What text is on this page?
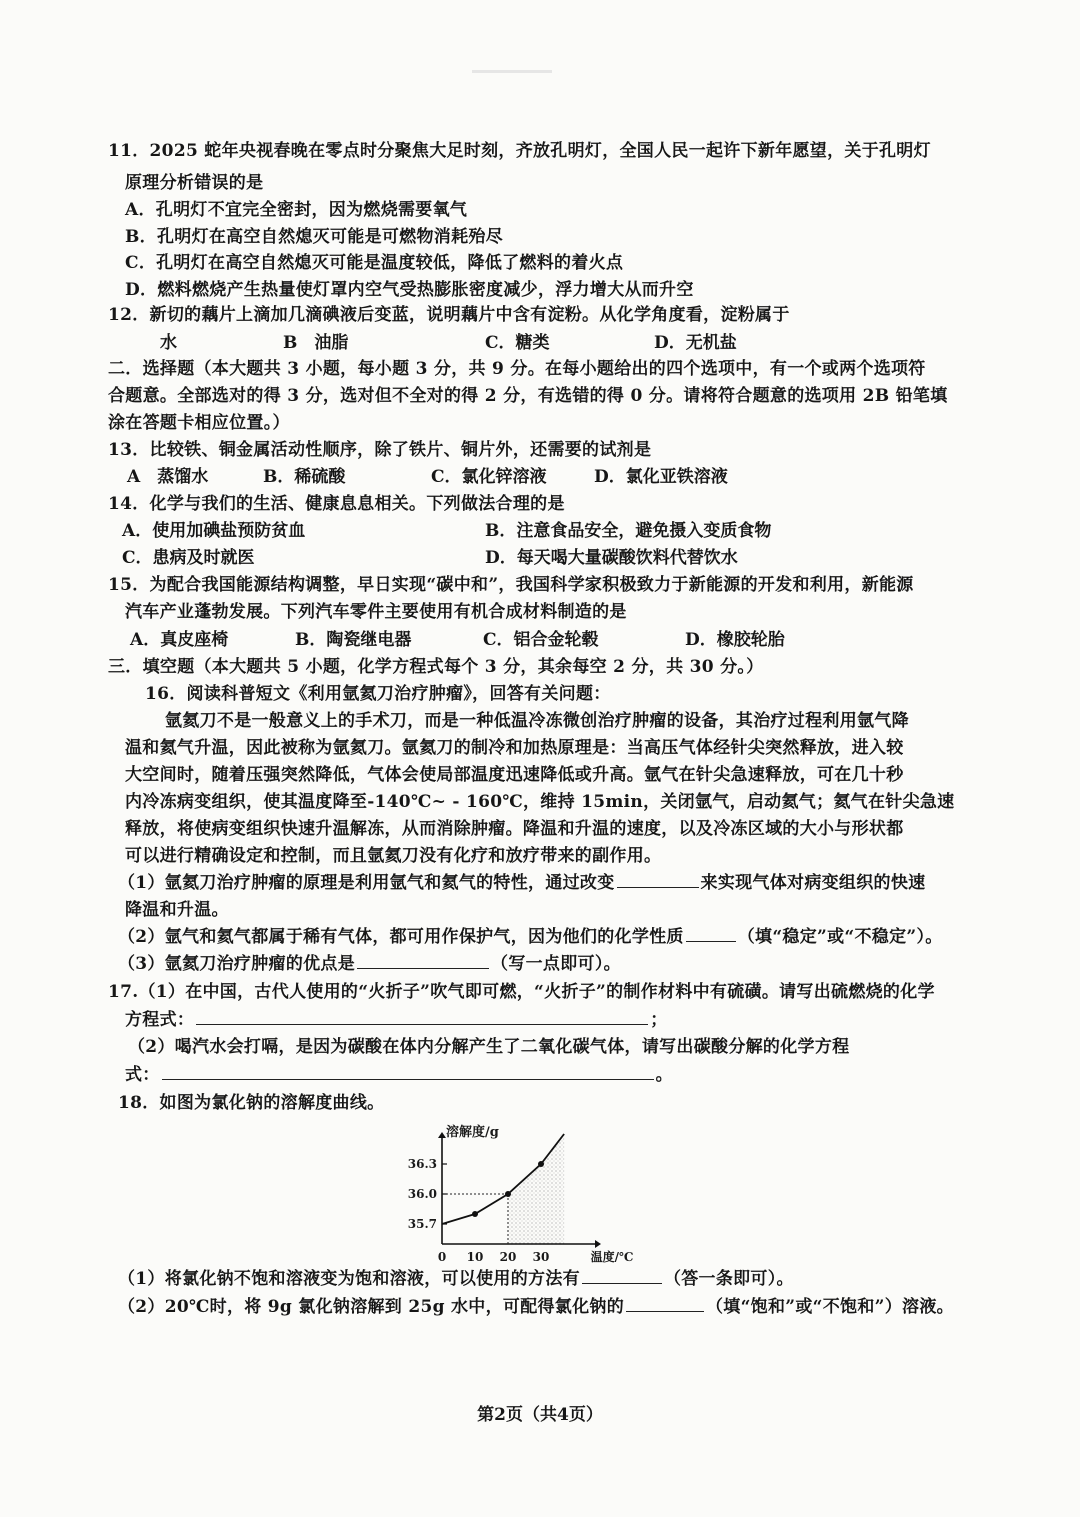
11．2025 蛇年央视春晚在零点时分聚焦大足时刻，齐放孔明灯，全国人民一起许下新年愿望，关于孔明灯
原理分析错误的是
A．孔明灯不宜完全密封，因为燃烧需要氧气
B．孔明灯在高空自然熄灭可能是可燃物消耗殆尽
C．孔明灯在高空自然熄灭可能是温度较低，降低了燃料的着火点
D．燃料燃烧产生热量使灯罩内空气受热膨胀密度减少，浮力增大从而升空
12．新切的藕片上滴加几滴碘液后变蓝，说明藕片中含有淀粉。从化学角度看，淀粉属于
水	B　油脂	C．糖类	D．无机盐
二．选择题（本大题共 3 小题，每小题 3 分，共 9 分。在每小题给出的四个选项中，有一个或两个选项符
合题意。全部选对的得 3 分，选对但不全对的得 2 分，有选错的得 0 分。请将符合题意的选项用 2B 铅笔填
涂在答题卡相应位置。）
13．比较铁、铜金属活动性顺序，除了铁片、铜片外，还需要的试剂是
A　蒸馏水	B．稀硫酸	C．氯化锌溶液	D．氯化亚铁溶液
14．化学与我们的生活、健康息息相关。下列做法合理的是
A．使用加碘盐预防贫血	B．注意食品安全，避免摄入变质食物
C．患病及时就医	D．每天喝大量碳酸饮料代替饮水
15．为配合我国能源结构调整，早日实现“碳中和”，我国科学家积极致力于新能源的开发和利用，新能源
汽车产业蓬勃发展。下列汽车零件主要使用有机合成材料制造的是
A．真皮座椅	B．陶瓷继电器	C．铝合金轮毂	D．橡胶轮胎
三．填空题（本大题共 5 小题，化学方程式每个 3 分，其余每空 2 分，共 30 分。）
16．阅读科普短文《利用氩氦刀治疗肿瘤》，回答有关问题：
氩氦刀不是一般意义上的手术刀，而是一种低温冷冻微创治疗肿瘤的设备，其治疗过程利用氩气降
温和氦气升温，因此被称为氩氦刀。氩氦刀的制冷和加热原理是：当高压气体经针尖突然释放，进入较
大空间时，随着压强突然降低，气体会使局部温度迅速降低或升高。氩气在针尖急速释放，可在几十秒
内冷冻病变组织，使其温度降至-140℃~ - 160℃，维持 15min，关闭氩气，启动氦气；氦气在针尖急速
释放，将使病变组织快速升温解冻，从而消除肿瘤。降温和升温的速度，以及冷冻区域的大小与形状都
可以进行精确设定和控制，而且氩氦刀没有化疗和放疗带来的副作用。
（1）氩氦刀治疗肿瘤的原理是利用氩气和氦气的特性，通过改变	来实现气体对病变组织的快速
降温和升温。
（2）氩气和氦气都属于稀有气体，都可用作保护气，因为他们的化学性质	（填“稳定”或“不稳定”）。
（3）氩氦刀治疗肿瘤的优点是	（写一点即可）。
17.（1）在中国，古代人使用的“火折子”吹气即可燃，“火折子”的制作材料中有硫磺。请写出硫燃烧的化学
方程式：	；
（2）喝汽水会打嗝，是因为碳酸在体内分解产生了二氧化碳气体，请写出碳酸分解的化学方程
式：	。
18．如图为氯化钠的溶解度曲线。
35.7
36.0
36.3
0 10 20 30
溶解度/g
温度/℃
（1）将氯化钠不饱和溶液变为饱和溶液，可以使用的方法有	（答一条即可）。
（2）20℃时，将 9g 氯化钠溶解到 25g 水中，可配得氯化钠的	（填“饱和”或“不饱和”）溶液。
第2页（共4页）
